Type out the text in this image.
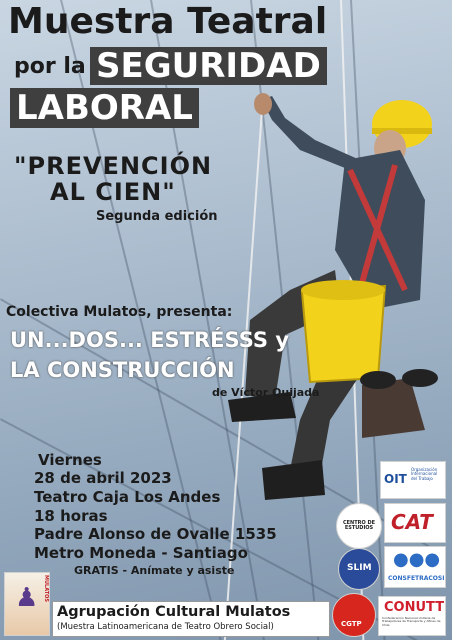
Muestra Teatral
por la SEGURIDAD
LABORAL
"PREVENCIÓN
AL CIEN"
Segunda edición
Colectiva Mulatos, presenta:
UN...DOS... ESTRÉSSS y
LA CONSTRUCCIÓN
de Víctor Quijada
Viernes
28 de abril 2023
Teatro Caja Los Andes
18 horas
Padre Alonso de Ovalle 1535
Metro Moneda - Santiago
GRATIS - Anímate y asiste
OIT
Organización Internacional del Trabajo
CENTRO DE ESTUDIOS CAT
SLIM ●●●
CONSFETRACOSI
CGTP
CONUTT
Confederación Nacional Unitaria de Trabajadores de Transporte y Afines de Chile
♟ MULATOS
Agrupación Cultural Mulatos
(Muestra Latinoamericana de Teatro Obrero Social)
